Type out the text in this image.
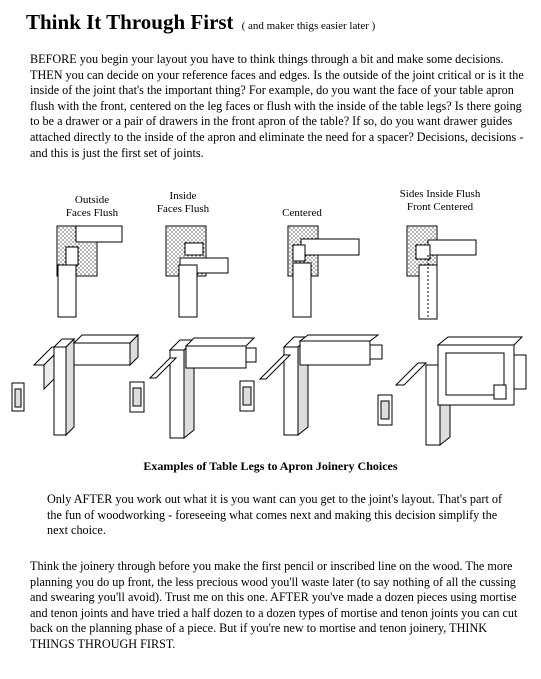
Think It Through First ( and maker thigs easier later )

BEFORE you begin your layout you have to think things through a bit and make some decisions. THEN you can decide on your reference faces and edges. Is the outside of the joint critical or is it the inside of the joint that's the important thing? For example, do you want the face of your table apron flush with the front, centered on the leg faces or flush with the inside of the table legs? Is there going to be a drawer or a pair of drawers in the front apron of the table? If so, do you want drawer guides attached directly to the inside of the apron and eliminate the need for a spacer? Decisions, decisions - and this is just the first set of joints.

Outside
Faces Flush
Inside
Faces Flush	Centered
Sides Inside Flush
Front Centered
Examples of Table Legs to Apron Joinery Choices

Only AFTER you work out what it is you want can you get to the joint's layout. That's part of the fun of woodworking - foreseeing what comes next and making this decision simplify the next choice.

Think the joinery through before you make the first pencil or inscribed line on the wood. The more planning you do up front, the less precious wood you'll waste later (to say nothing of all the cussing and swearing you'll avoid). Trust me on this one. AFTER you've made a dozen pieces using mortise and tenon joints and have tried a half dozen to a dozen types of mortise and tenon joints you can cut back on the planning phase of a piece. But if you're new to mortise and tenon joinery, THINK THINGS THROUGH FIRST.
